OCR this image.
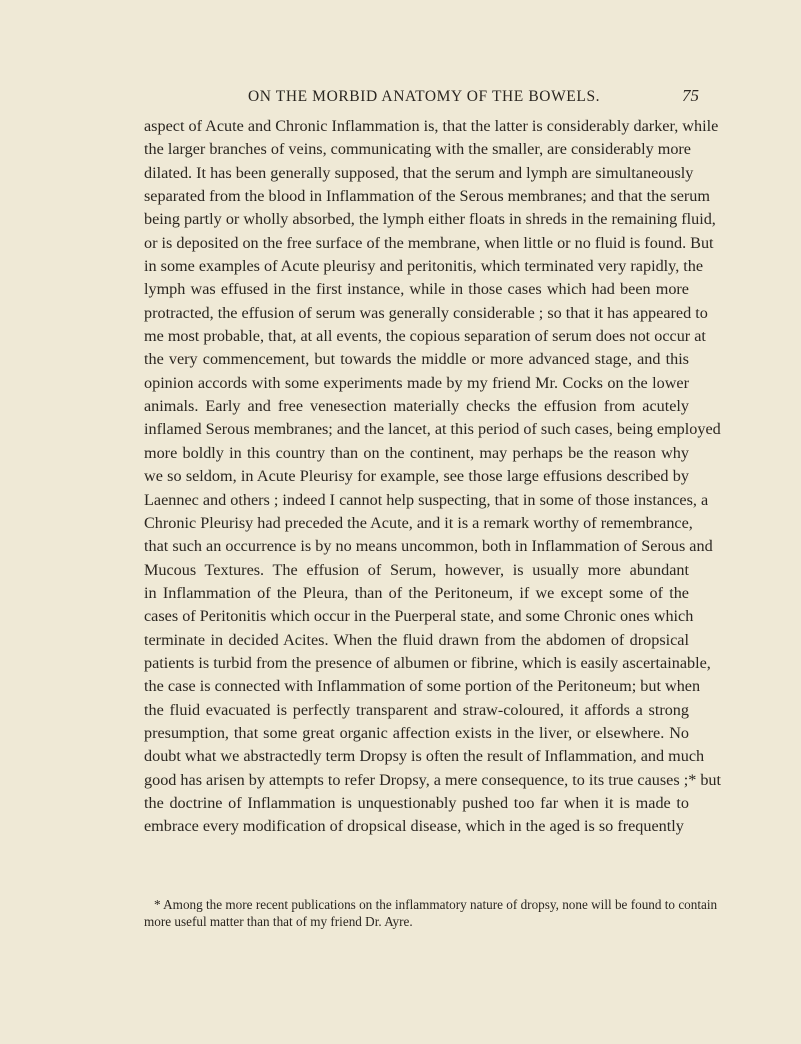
ON THE MORBID ANATOMY OF THE BOWELS.	75
aspect of Acute and Chronic Inflammation is, that the latter is considerably darker, while
the larger branches of veins, communicating with the smaller, are considerably more
dilated. It has been generally supposed, that the serum and lymph are simultaneously
separated from the blood in Inflammation of the Serous membranes; and that the serum
being partly or wholly absorbed, the lymph either floats in shreds in the remaining fluid,
or is deposited on the free surface of the membrane, when little or no fluid is found. But
in some examples of Acute pleurisy and peritonitis, which terminated very rapidly, the
lymph was effused in the first instance, while in those cases which had been more
protracted, the effusion of serum was generally considerable ; so that it has appeared to
me most probable, that, at all events, the copious separation of serum does not occur at
the very commencement, but towards the middle or more advanced stage, and this
opinion accords with some experiments made by my friend Mr. Cocks on the lower
animals. Early and free venesection materially checks the effusion from acutely
inflamed Serous membranes; and the lancet, at this period of such cases, being employed
more boldly in this country than on the continent, may perhaps be the reason why
we so seldom, in Acute Pleurisy for example, see those large effusions described by
Laennec and others ; indeed I cannot help suspecting, that in some of those instances, a
Chronic Pleurisy had preceded the Acute, and it is a remark worthy of remembrance,
that such an occurrence is by no means uncommon, both in Inflammation of Serous and
Mucous Textures. The effusion of Serum, however, is usually more abundant
in Inflammation of the Pleura, than of the Peritoneum, if we except some of the
cases of Peritonitis which occur in the Puerperal state, and some Chronic ones which
terminate in decided Acites. When the fluid drawn from the abdomen of dropsical
patients is turbid from the presence of albumen or fibrine, which is easily ascertainable,
the case is connected with Inflammation of some portion of the Peritoneum; but when
the fluid evacuated is perfectly transparent and straw-coloured, it affords a strong
presumption, that some great organic affection exists in the liver, or elsewhere. No
doubt what we abstractedly term Dropsy is often the result of Inflammation, and much
good has arisen by attempts to refer Dropsy, a mere consequence, to its true causes ;* but
the doctrine of Inflammation is unquestionably pushed too far when it is made to
embrace every modification of dropsical disease, which in the aged is so frequently
* Among the more recent publications on the inflammatory nature of dropsy, none will be found to contain
more useful matter than that of my friend Dr. Ayre.
